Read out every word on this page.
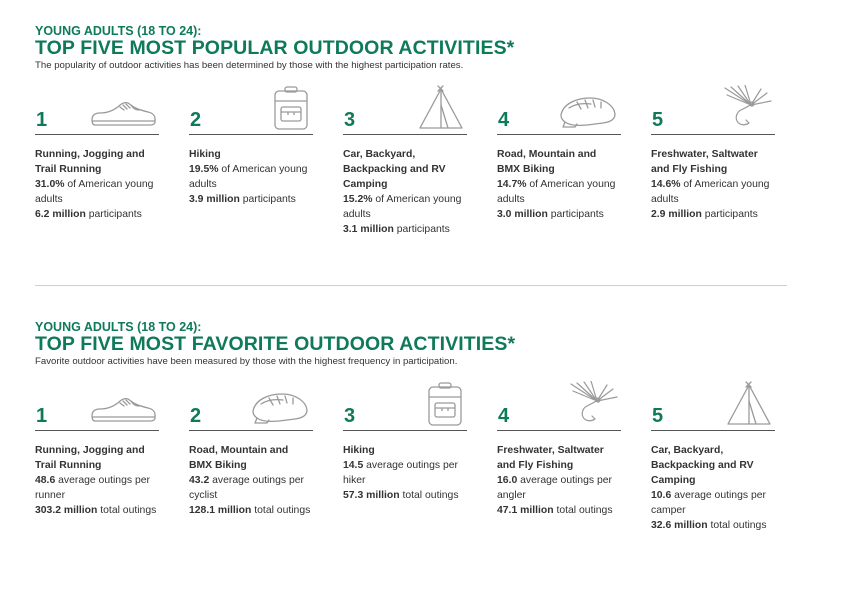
YOUNG ADULTS (18 TO 24):
TOP FIVE MOST POPULAR OUTDOOR ACTIVITIES*
The popularity of outdoor activities has been determined by those with the highest participation rates.
1
Running, Jogging and Trail Running
31.0% of American young adults
6.2 million participants
2
Hiking
19.5% of American young adults
3.9 million participants
3
Car, Backyard, Backpacking and RV Camping
15.2% of American young adults
3.1 million participants
4
Road, Mountain and BMX Biking
14.7% of American young adults
3.0 million participants
5
Freshwater, Saltwater and Fly Fishing
14.6% of American young adults
2.9 million participants
YOUNG ADULTS (18 TO 24):
TOP FIVE MOST FAVORITE OUTDOOR ACTIVITIES*
Favorite outdoor activities have been measured by those with the highest frequency in participation.
1
Running, Jogging and Trail Running
48.6 average outings per runner
303.2 million total outings
2
Road, Mountain and BMX Biking
43.2 average outings per cyclist
128.1 million total outings
3
Hiking
14.5 average outings per hiker
57.3 million total outings
4
Freshwater, Saltwater and Fly Fishing
16.0 average outings per angler
47.1 million total outings
5
Car, Backyard, Backpacking and RV Camping
10.6 average outings per camper
32.6 million total outings
